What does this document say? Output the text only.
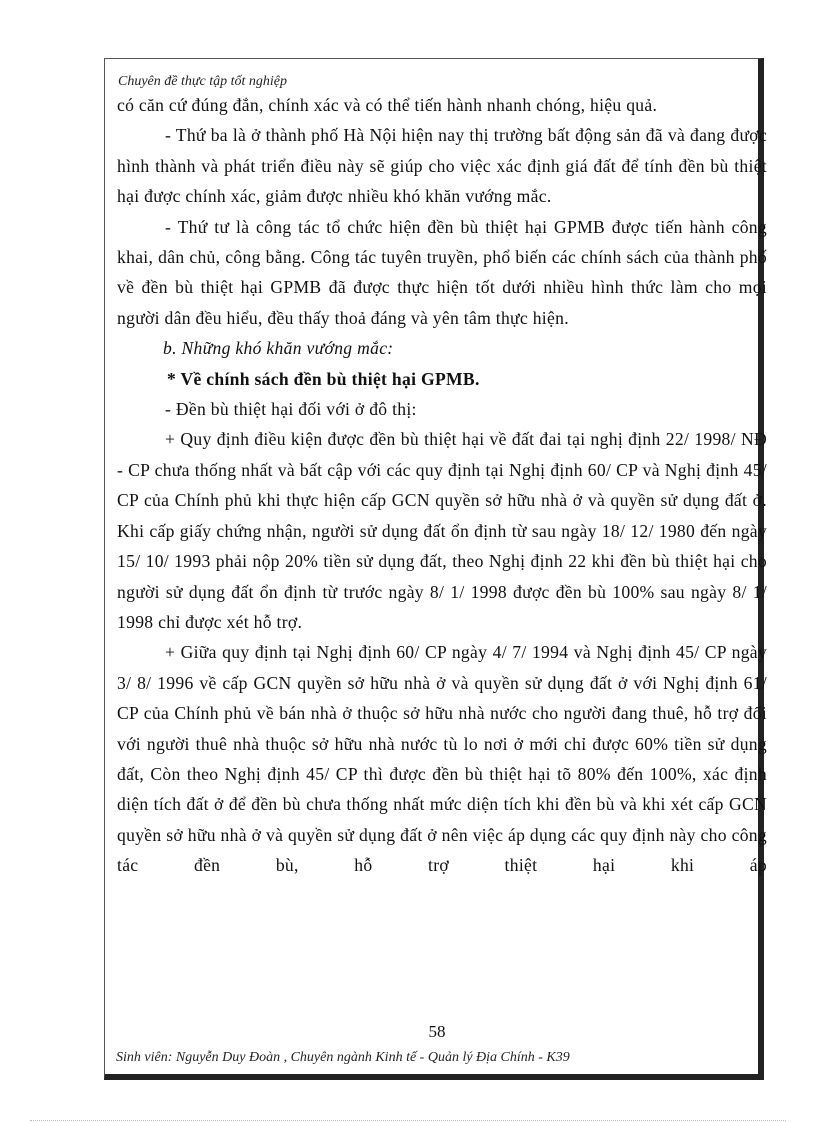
Chuyên đề thực tập tốt nghiệp

có căn cứ đúng đắn, chính xác và có thể tiến hành nhanh chóng, hiệu quả.

- Thứ ba là ở thành phố Hà Nội hiện nay thị trường bất động sản đã và đang được hình thành và phát triển điều này sẽ giúp cho việc xác định giá đất để tính đền bù thiệt hại được chính xác, giảm được nhiều khó khăn vướng mắc.

- Thứ tư là công tác tổ chức hiện đền bù thiệt hại GPMB được tiến hành công khai, dân chủ, công bằng. Công tác tuyên truyền, phổ biến các chính sách của thành phố về đền bù thiệt hại GPMB đã được thực hiện tốt dưới nhiều hình thức làm cho mọi người dân đều hiểu, đều thấy thoả đáng và yên tâm thực hiện.

b. Những khó khăn vướng mắc:

* Về chính sách đền bù thiệt hại GPMB.

- Đền bù thiệt hại đối với ở đô thị:

+ Quy định điều kiện được đền bù thiệt hại về đất đai tại nghị định 22/ 1998/ NĐ - CP chưa thống nhất và bất cập với các quy định tại Nghị định 60/ CP và Nghị định 45/ CP của Chính phủ khi thực hiện cấp GCN quyền sở hữu nhà ở và quyền sử dụng đất ở. Khi cấp giấy chứng nhận, người sử dụng đất ổn định từ sau ngày 18/ 12/ 1980 đến ngày 15/ 10/ 1993 phải nộp 20% tiền sử dụng đất, theo Nghị định 22 khi đền bù thiệt hại cho người sử dụng đất ổn định từ trước ngày 8/ 1/ 1998 được đền bù 100% sau ngày 8/ 1/ 1998 chỉ được xét hỗ trợ.

+ Giữa quy định tại Nghị định 60/ CP ngày 4/ 7/ 1994 và Nghị định 45/ CP ngày 3/ 8/ 1996 về cấp GCN quyền sở hữu nhà ở và quyền sử dụng đất ở với Nghị định 61/ CP của Chính phủ về bán nhà ở thuộc sở hữu nhà nước cho người đang thuê, hỗ trợ đối với người thuê nhà thuộc sở hữu nhà nước tù lo nơi ở mới chỉ được 60% tiền sử dụng đất, Còn theo Nghị định 45/ CP thì được đền bù thiệt hại tõ 80% đến 100%, xác định diện tích đất ở để đền bù chưa thống nhất mức diện tích khi đền bù và khi xét cấp GCN quyền sở hữu nhà ở và quyền sử dụng đất ở nên việc áp dụng các quy định này cho công tác đền bù, hỗ trợ thiệt hại khi áp

58
Sinh viên: Nguyễn Duy Đoàn , Chuyên ngành Kinh tế - Quản lý Địa Chính - K39
